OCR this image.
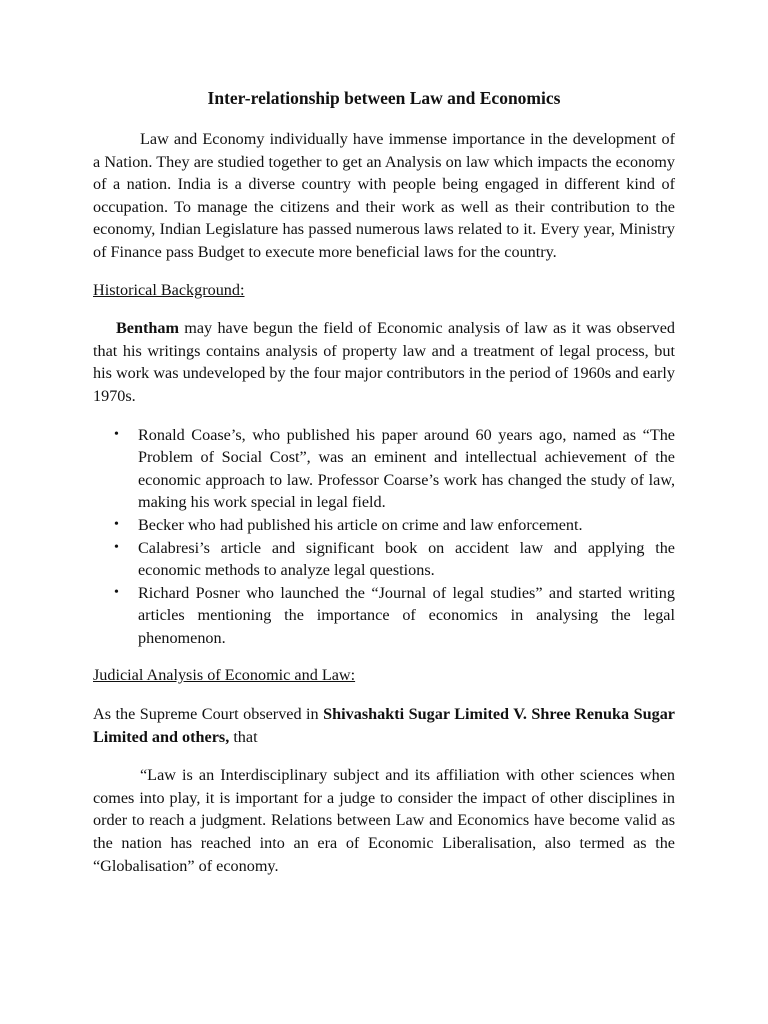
Inter-relationship between Law and Economics

Law and Economy individually have immense importance in the development of a Nation. They are studied together to get an Analysis on law which impacts the economy of a nation. India is a diverse country with people being engaged in different kind of occupation. To manage the citizens and their work as well as their contribution to the economy, Indian Legislature has passed numerous laws related to it. Every year, Ministry of Finance pass Budget to execute more beneficial laws for the country.

Historical Background:

Bentham may have begun the field of Economic analysis of law as it was observed that his writings contains analysis of property law and a treatment of legal process, but his work was undeveloped by the four major contributors in the period of 1960s and early 1970s.

• Ronald Coase’s, who published his paper around 60 years ago, named as “The Problem of Social Cost”, was an eminent and intellectual achievement of the economic approach to law. Professor Coarse’s work has changed the study of law, making his work special in legal field.
• Becker who had published his article on crime and law enforcement.
• Calabresi’s article and significant book on accident law and applying the economic methods to analyze legal questions.
• Richard Posner who launched the “Journal of legal studies” and started writing articles mentioning the importance of economics in analysing the legal phenomenon.

Judicial Analysis of Economic and Law:

As the Supreme Court observed in Shivashakti Sugar Limited V. Shree Renuka Sugar Limited and others, that

“Law is an Interdisciplinary subject and its affiliation with other sciences when comes into play, it is important for a judge to consider the impact of other disciplines in order to reach a judgment. Relations between Law and Economics have become valid as the nation has reached into an era of Economic Liberalisation, also termed as the “Globalisation” of economy.
